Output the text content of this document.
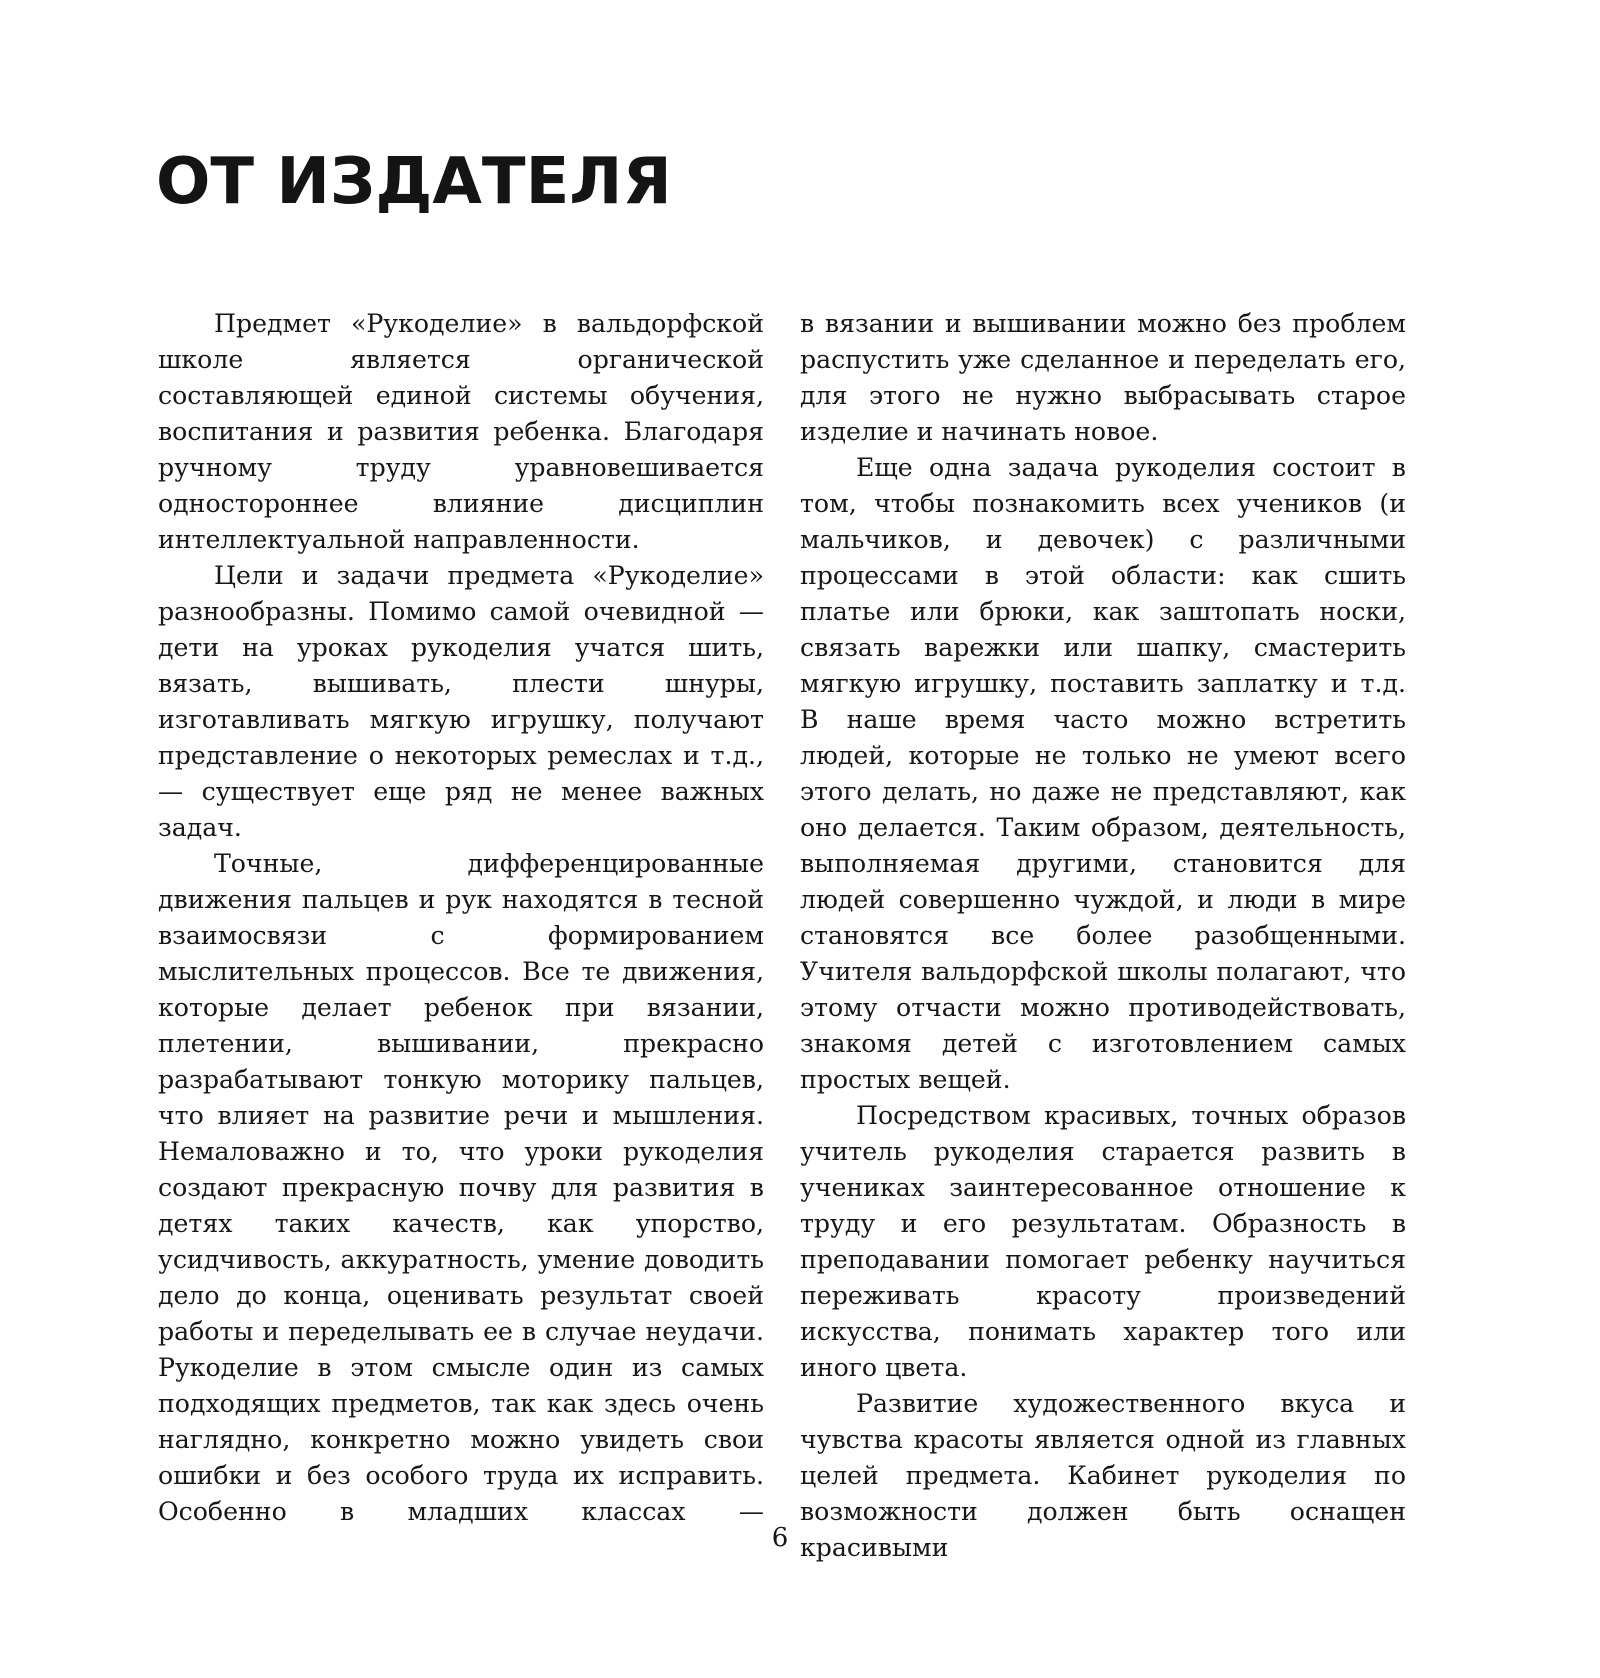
ОТ ИЗДАТЕЛЯ

Предмет «Рукоделие» в вальдорфской школе является органической составляющей единой системы обучения, воспитания и развития ребенка. Благодаря ручному труду уравновешивается одностороннее влияние дисциплин интеллектуальной направленности.

Цели и задачи предмета «Рукоделие» разнообразны. Помимо самой очевидной — дети на уроках рукоделия учатся шить, вязать, вышивать, плести шнуры, изготавливать мягкую игрушку, получают представление о некоторых ремеслах и т.д., — существует еще ряд не менее важных задач.

Точные, дифференцированные движения пальцев и рук находятся в тесной взаимосвязи с формированием мыслительных процессов. Все те движения, которые делает ребенок при вязании, плетении, вышивании, прекрасно разрабатывают тонкую моторику пальцев, что влияет на развитие речи и мышления. Немаловажно и то, что уроки рукоделия создают прекрасную почву для развития в детях таких качеств, как упорство, усидчивость, аккуратность, умение доводить дело до конца, оценивать результат своей работы и переделывать ее в случае неудачи. Рукоделие в этом смысле один из самых подходящих предметов, так как здесь очень наглядно, конкретно можно увидеть свои ошибки и без особого труда их исправить. Особенно в младших классах —

в вязании и вышивании можно без проблем распустить уже сделанное и переделать его, для этого не нужно выбрасывать старое изделие и начинать новое.

Еще одна задача рукоделия состоит в том, чтобы познакомить всех учеников (и мальчиков, и девочек) с различными процессами в этой области: как сшить платье или брюки, как заштопать носки, связать варежки или шапку, смастерить мягкую игрушку, поставить заплатку и т.д. В наше время часто можно встретить людей, которые не только не умеют всего этого делать, но даже не представляют, как оно делается. Таким образом, деятельность, выполняемая другими, становится для людей совершенно чуждой, и люди в мире становятся все более разобщенными. Учителя вальдорфской школы полагают, что этому отчасти можно противодействовать, знакомя детей с изготовлением самых простых вещей.

Посредством красивых, точных образов учитель рукоделия старается развить в учениках заинтересованное отношение к труду и его результатам. Образность в преподавании помогает ребенку научиться переживать красоту произведений искусства, понимать характер того или иного цвета.

Развитие художественного вкуса и чувства красоты является одной из главных целей предмета. Кабинет рукоделия по возможности должен быть оснащен красивыми

6
